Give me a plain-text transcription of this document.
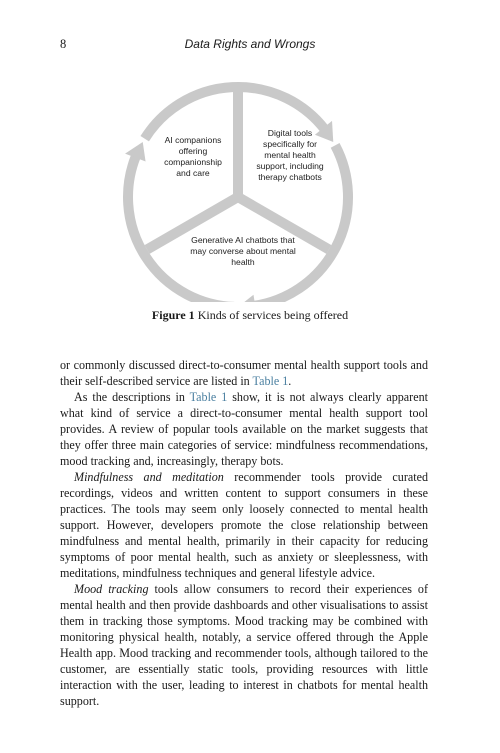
8	Data Rights and Wrongs
AI companions offering companionship and care
Digital tools specifically for mental health support, including therapy chatbots
Generative AI chatbots that may converse about mental health
Figure 1 Kinds of services being offered

or commonly discussed direct-to-consumer mental health support tools and their self-described service are listed in Table 1.

As the descriptions in Table 1 show, it is not always clearly apparent what kind of service a direct-to-consumer mental health support tool provides. A review of popular tools available on the market suggests that they offer three main categories of service: mindfulness recommendations, mood tracking and, increasingly, therapy bots.

Mindfulness and meditation recommender tools provide curated recordings, videos and written content to support consumers in these practices. The tools may seem only loosely connected to mental health support. However, developers promote the close relationship between mindfulness and mental health, primarily in their capacity for reducing symptoms of poor mental health, such as anxiety or sleeplessness, with meditations, mindfulness techniques and general lifestyle advice.

Mood tracking tools allow consumers to record their experiences of mental health and then provide dashboards and other visualisations to assist them in tracking those symptoms. Mood tracking may be combined with monitoring physical health, notably, a service offered through the Apple Health app. Mood tracking and recommender tools, although tailored to the customer, are essentially static tools, providing resources with little interaction with the user, leading to interest in chatbots for mental health support.
